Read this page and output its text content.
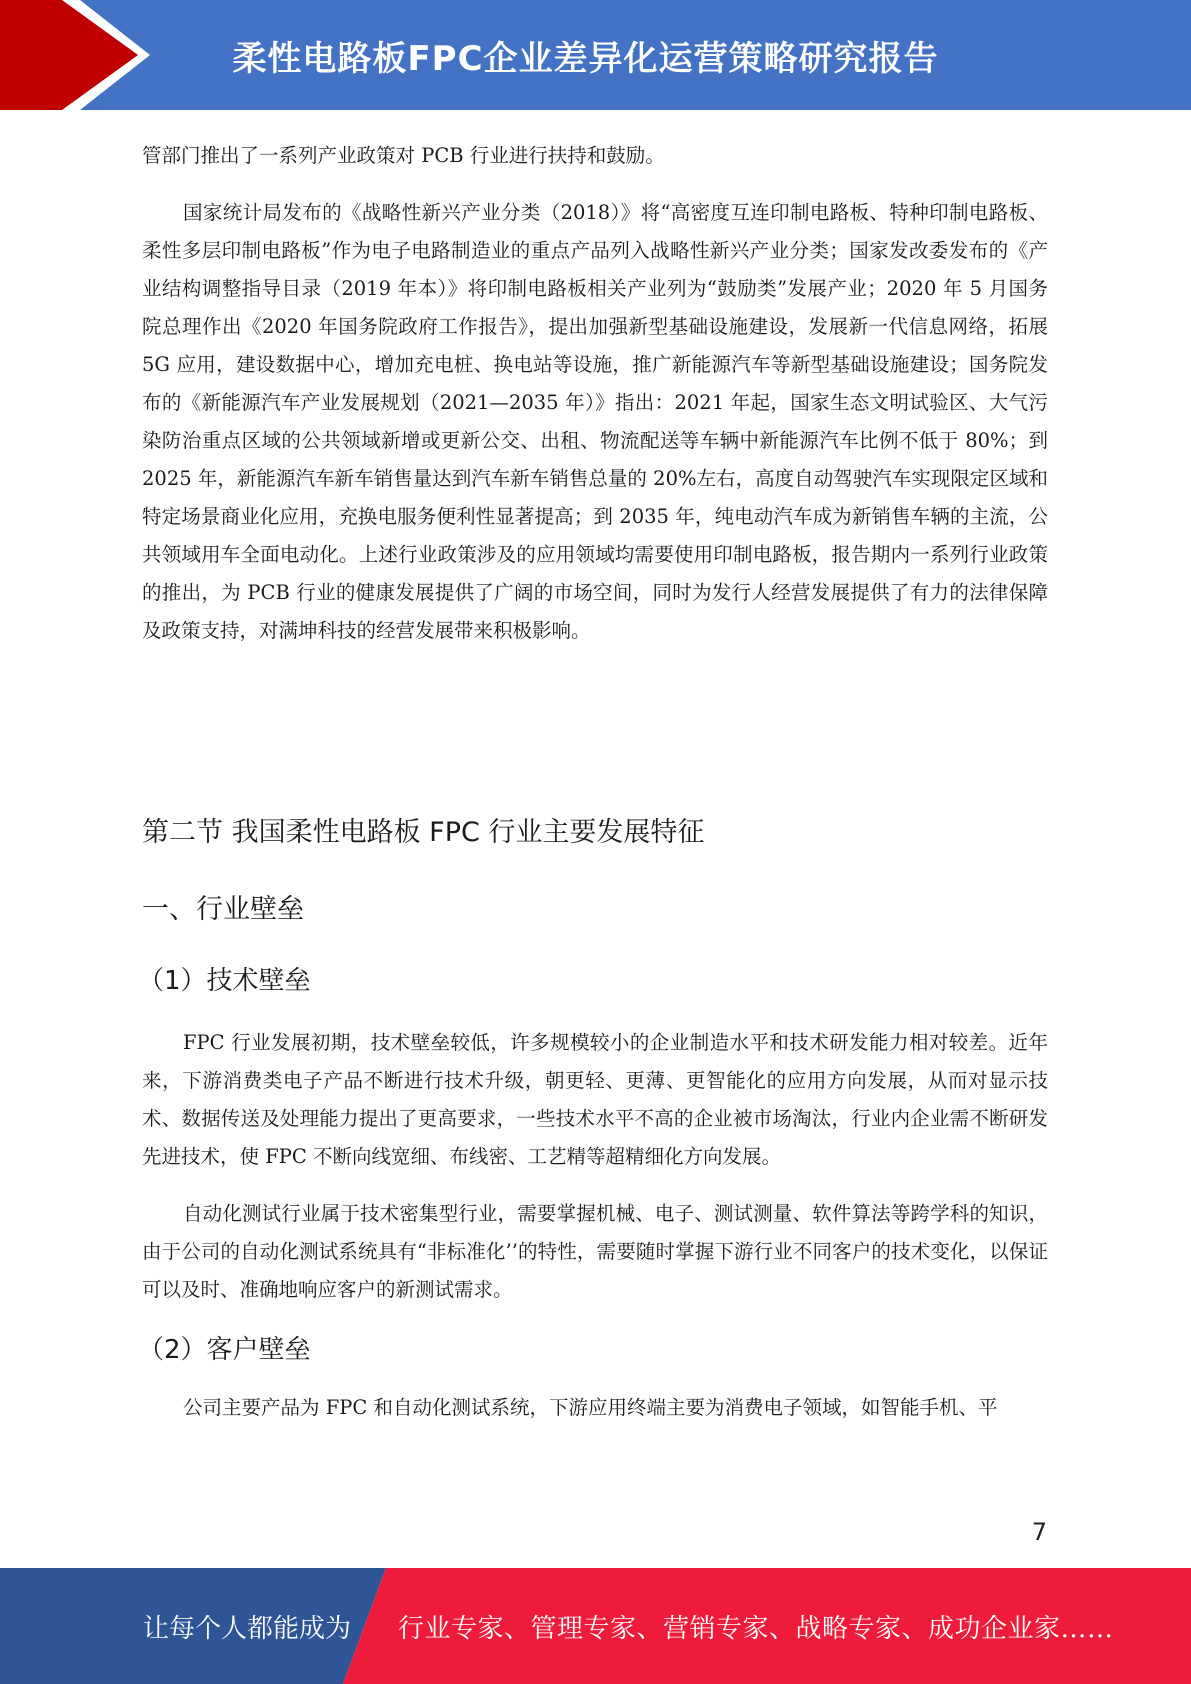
柔性电路板FPC企业差异化运营策略研究报告

管部门推出了一系列产业政策对 PCB 行业进行扶持和鼓励。

国家统计局发布的《战略性新兴产业分类（2018）》将“高密度互连印制电路板、特种印制电路板、柔性多层印制电路板”作为电子电路制造业的重点产品列入战略性新兴产业分类；国家发改委发布的《产业结构调整指导目录（2019 年本）》将印制电路板相关产业列为“鼓励类”发展产业；2020 年 5 月国务院总理作出《2020 年国务院政府工作报告》，提出加强新型基础设施建设，发展新一代信息网络，拓展 5G 应用，建设数据中心，增加充电桩、换电站等设施，推广新能源汽车等新型基础设施建设；国务院发布的《新能源汽车产业发展规划（2021—2035 年）》指出：2021 年起，国家生态文明试验区、大气污染防治重点区域的公共领域新增或更新公交、出租、物流配送等车辆中新能源汽车比例不低于 80%；到 2025 年，新能源汽车新车销售量达到汽车新车销售总量的 20%左右，高度自动驾驶汽车实现限定区域和特定场景商业化应用，充换电服务便利性显著提高；到 2035 年，纯电动汽车成为新销售车辆的主流，公共领域用车全面电动化。上述行业政策涉及的应用领域均需要使用印制电路板，报告期内一系列行业政策的推出，为 PCB 行业的健康发展提供了广阔的市场空间，同时为发行人经营发展提供了有力的法律保障及政策支持，对满坤科技的经营发展带来积极影响。

第二节 我国柔性电路板 FPC 行业主要发展特征
一、行业壁垒
（1）技术壁垒

FPC 行业发展初期，技术壁垒较低，许多规模较小的企业制造水平和技术研发能力相对较差。近年来，下游消费类电子产品不断进行技术升级，朝更轻、更薄、更智能化的应用方向发展，从而对显示技术、数据传送及处理能力提出了更高要求，一些技术水平不高的企业被市场淘汰，行业内企业需不断研发先进技术，使 FPC 不断向线宽细、布线密、工艺精等超精细化方向发展。

自动化测试行业属于技术密集型行业，需要掌握机械、电子、测试测量、软件算法等跨学科的知识，由于公司的自动化测试系统具有“非标准化’’的特性，需要随时掌握下游行业不同客户的技术变化，以保证可以及时、准确地响应客户的新测试需求。

（2）客户壁垒

公司主要产品为 FPC 和自动化测试系统，下游应用终端主要为消费电子领域，如智能手机、平

7
让每个人都能成为 行业专家、管理专家、营销专家、战略专家、成功企业家……
